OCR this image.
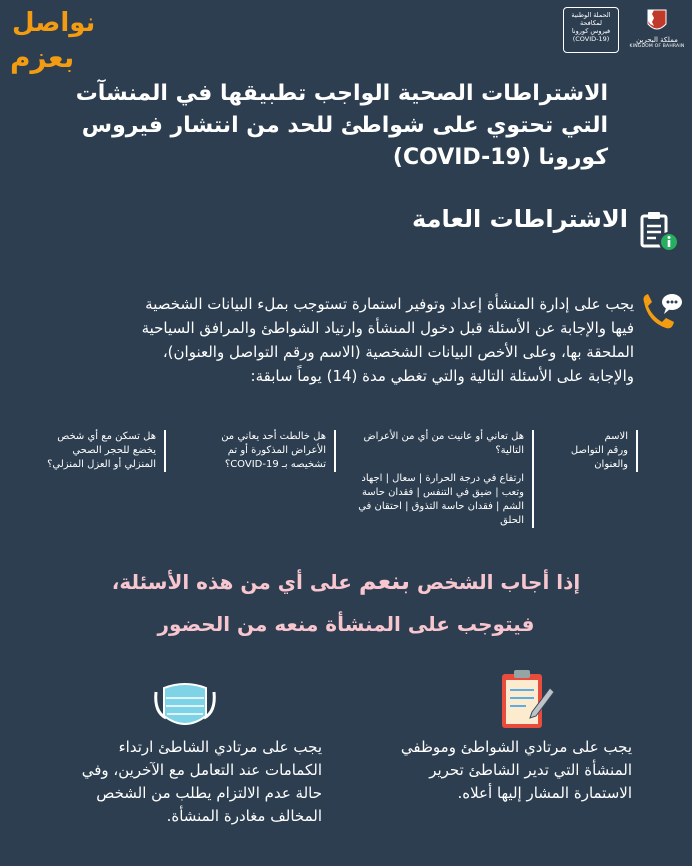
نواصل
بعزم
الحملة الوطنية
لمكافحة
فيروس كورونا
(COVID-19)	مملكة البحرين
KINGDOM OF BAHRAIN
الاشتراطات الصحية الواجب تطبيقها في المنشآت
التي تحتوي على شواطئ للحد من انتشار فيروس
كورونا (COVID-19)
الاشتراطات العامة
يجب على إدارة المنشأة إعداد وتوفير استمارة تستوجب بملء البيانات الشخصية
فيها والإجابة عن الأسئلة قبل دخول المنشأة وارتياد الشواطئ والمرافق السياحية
الملحقة بها، وعلى الأخص البيانات الشخصية (الاسم ورقم التواصل والعنوان)،
والإجابة على الأسئلة التالية والتي تغطي مدة (14) يوماً سابقة:
الاسم
ورقم التواصل
والعنوان
هل تعاني أو عانيت من أي من الأعراض
التالية؟
ارتفاع في درجة الحرارة | سعال | اجهاد
وتعب | ضيق في التنفس | فقدان حاسة
الشم | فقدان حاسة التذوق | احتقان في
الحلق
هل خالطت أحد يعاني من
الأعراض المذكورة أو تم
تشخيصه بـ COVID-19؟
هل تسكن مع أي شخص
يخضع للحجر الصحي
المنزلي أو العزل المنزلي؟
إذا أجاب الشخص بنعم على أي من هذه الأسئلة،
فيتوجب على المنشأة منعه من الحضور
يجب على مرتادي الشواطئ وموظفي
المنشأة التي تدير الشاطئ تحرير
الاستمارة المشار إليها أعلاه.
يجب على مرتادي الشاطئ ارتداء
الكمامات عند التعامل مع الآخرين، وفي
حالة عدم الالتزام يطلب من الشخص
المخالف مغادرة المنشأة.
